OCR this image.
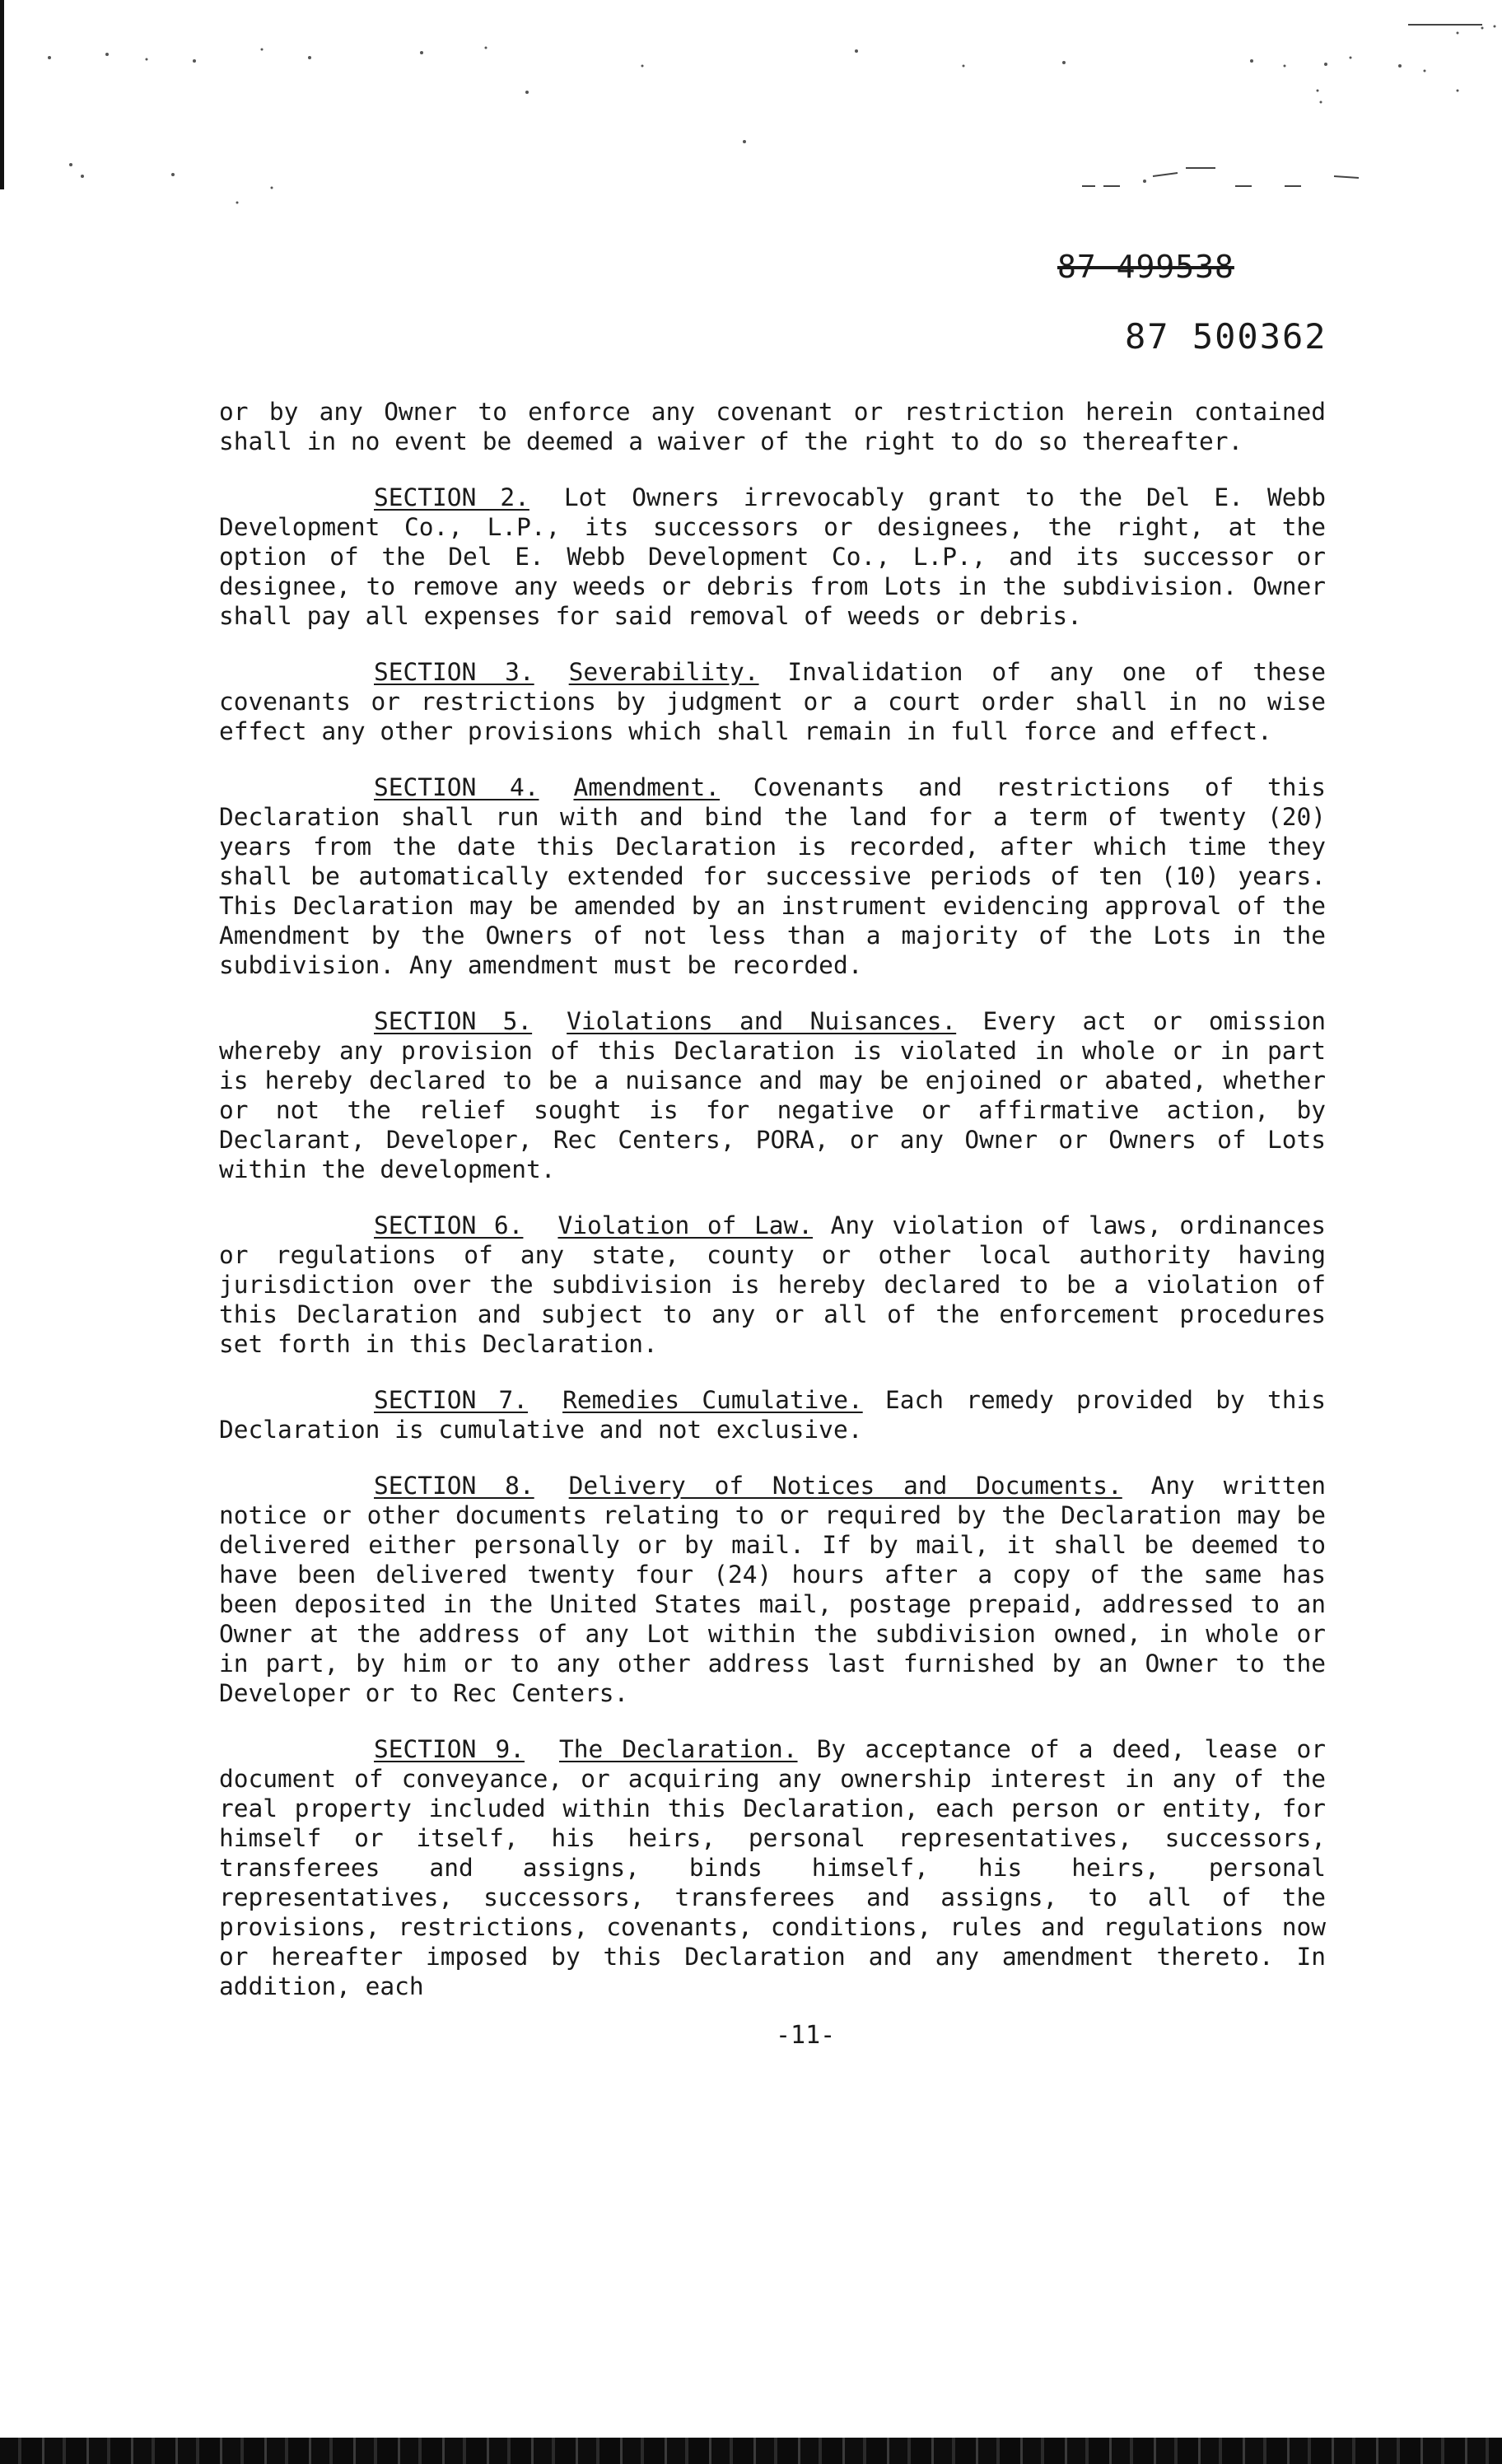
87 499538
87 500362

or by any Owner to enforce any covenant or restriction herein contained shall in no event be deemed a waiver of the right to do so thereafter.

SECTION 2. Lot Owners irrevocably grant to the Del E. Webb Development Co., L.P., its successors or designees, the right, at the option of the Del E. Webb Development Co., L.P., and its successor or designee, to remove any weeds or debris from Lots in the subdivision. Owner shall pay all expenses for said removal of weeds or debris.

SECTION 3. Severability. Invalidation of any one of these covenants or restrictions by judgment or a court order shall in no wise effect any other provisions which shall remain in full force and effect.

SECTION 4. Amendment. Covenants and restrictions of this Declaration shall run with and bind the land for a term of twenty (20) years from the date this Declaration is recorded, after which time they shall be automatically extended for successive periods of ten (10) years. This Declaration may be amended by an instrument evidencing approval of the Amendment by the Owners of not less than a majority of the Lots in the subdivision. Any amendment must be recorded.

SECTION 5. Violations and Nuisances. Every act or omission whereby any provision of this Declaration is violated in whole or in part is hereby declared to be a nuisance and may be enjoined or abated, whether or not the relief sought is for negative or affirmative action, by Declarant, Developer, Rec Centers, PORA, or any Owner or Owners of Lots within the development.

SECTION 6. Violation of Law. Any violation of laws, ordinances or regulations of any state, county or other local authority having jurisdiction over the subdivision is hereby declared to be a violation of this Declaration and subject to any or all of the enforcement procedures set forth in this Declaration.

SECTION 7. Remedies Cumulative. Each remedy provided by this Declaration is cumulative and not exclusive.

SECTION 8. Delivery of Notices and Documents. Any written notice or other documents relating to or required by the Declaration may be delivered either personally or by mail. If by mail, it shall be deemed to have been delivered twenty four (24) hours after a copy of the same has been deposited in the United States mail, postage prepaid, addressed to an Owner at the address of any Lot within the subdivision owned, in whole or in part, by him or to any other address last furnished by an Owner to the Developer or to Rec Centers.

SECTION 9. The Declaration. By acceptance of a deed, lease or document of conveyance, or acquiring any ownership interest in any of the real property included within this Declaration, each person or entity, for himself or itself, his heirs, personal representatives, successors, transferees and assigns, binds himself, his heirs, personal representatives, successors, transferees and assigns, to all of the provisions, restrictions, covenants, conditions, rules and regulations now or hereafter imposed by this Declaration and any amendment thereto. In addition, each

-11-
